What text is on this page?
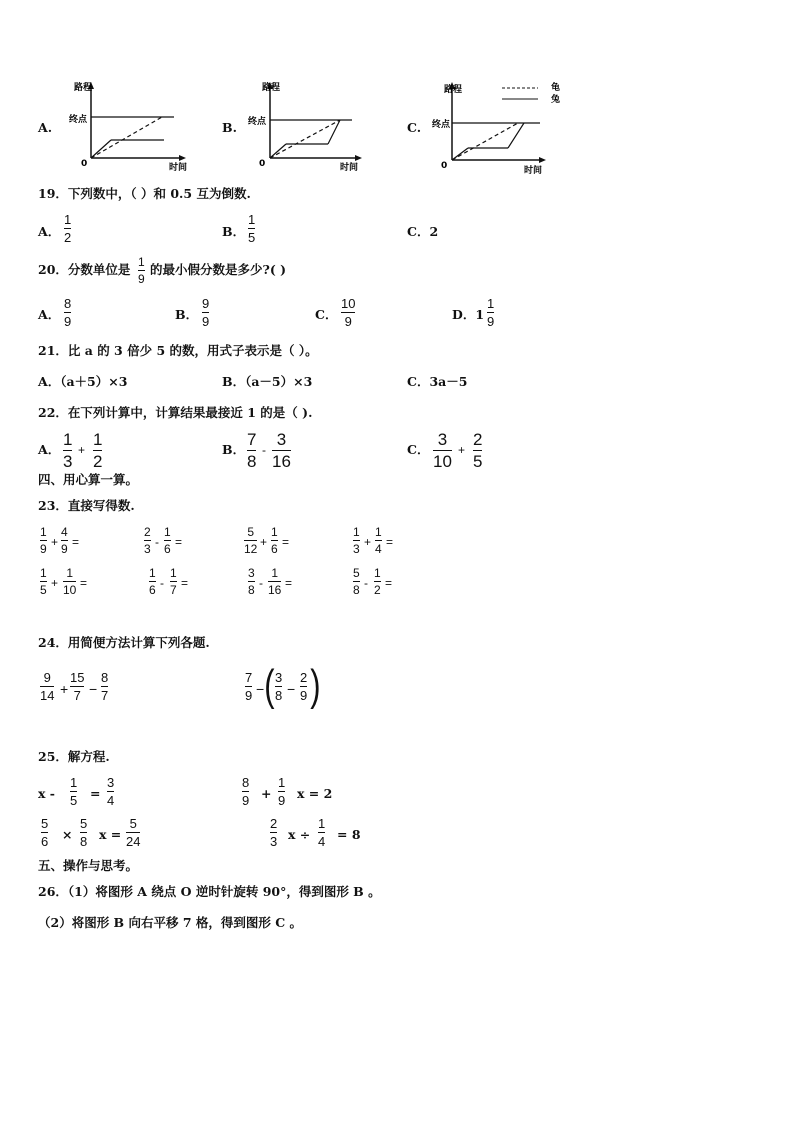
A. 终点
0
路程
时间
B. 终点
0
路程
时间
C.
龟
兔
终点
0
路程
时间
19．下列数中，（ ）和 0.5 互为倒数.
A．
1
2	B．
1
5	C．2
20．分数单位是 1
9
的最小假分数是多少?( )
A．
8
9	B．
9
9	C．
10
9	D．1
1
9
21．比 a 的 3 倍少 5 的数，用式子表示是（ ）。
A．（a＋5）×3	B．（a－5）×3	C．3a－5
22．在下列计算中，计算结果最接近 1 的是（ ).
A．
1
3
+
1
2
B．
7
8
-
3
16
C．
3
10
+
2
5
四、用心算一算。
23．直接写得数.
1
9 +
4
9 =
2
3 -
1
6 =
5
12 +
1
6 =
1
3 +
1
4 =
1
5 +
1
10 =
1
6 -
1
7 =
3
8 -
1
16 =
5
8 -
1
2 =
24．用简便方法计算下列各题.
9
14 +
15
7 −
8
7
7
9 − ( 3
8 −
2
9 )
25．解方程.
x -
1
5 =
3
4
8
9 +
1
9 x = 2
5
6 ×
5
8 x =
5
24
2
3 x ÷
1
4 = 8
五、操作与思考。
26．（1）将图形 A 绕点 O 逆时针旋转 90°，得到图形 B 。
（2）将图形 B 向右平移 7 格，得到图形 C 。
